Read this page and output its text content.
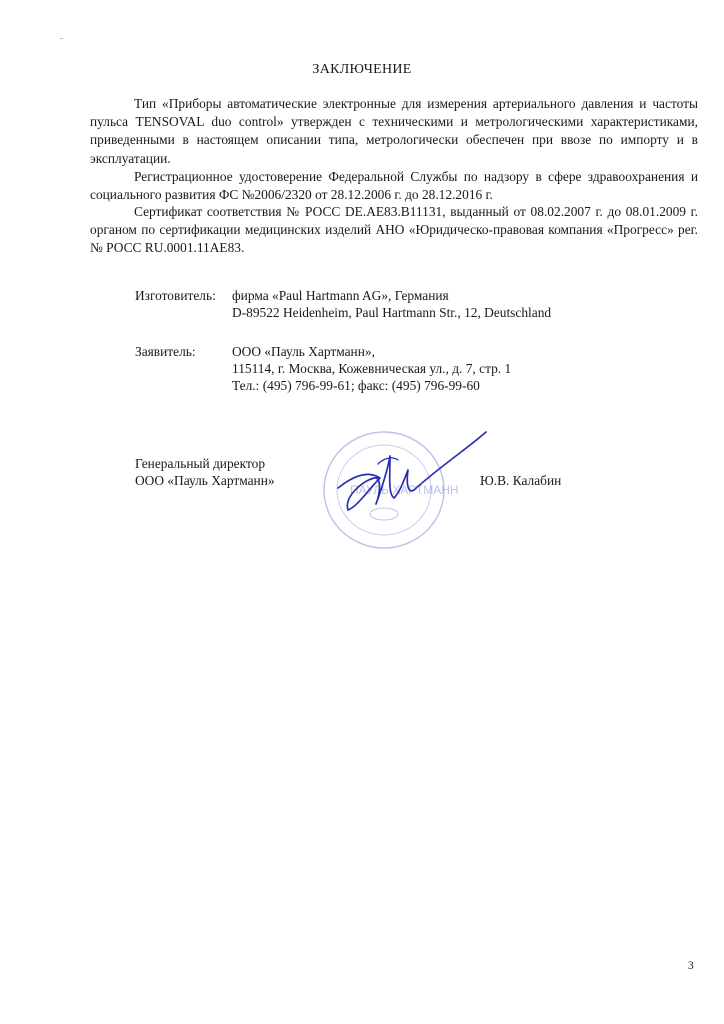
ЗАКЛЮЧЕНИЕ
Тип «Приборы автоматические электронные для измерения артериального давления и частоты пульса TENSOVAL duo control» утвержден с техническими и метрологическими характеристиками, приведенными в настоящем описании типа, метрологически обеспечен при ввозе по импорту и в эксплуатации.
Регистрационное удостоверение Федеральной Службы по надзору в сфере здравоохранения и социального развития ФС №2006/2320 от 28.12.2006 г. до 28.12.2016 г.
Сертификат соответствия № РОСС DE.AE83.B11131, выданный от 08.02.2007 г. до 08.01.2009 г. органом по сертификации медицинских изделий АНО «Юридическо-правовая компания «Прогресс» рег.№ РОСС RU.0001.11AE83.
Изготовитель: фирма «Paul Hartmann AG», Германия
D-89522 Heidenheim, Paul Hartmann Str., 12, Deutschland
Заявитель:	ООО «Пауль Хартманн»,
115114, г. Москва, Кожевническая ул., д. 7, стр. 1
Тел.: (495) 796-99-61; факс: (495) 796-99-60
ПАУЛЬ ХАРТМАНН
Генеральный директор
ООО «Пауль Хартманн»	Ю.В. Калабин
3
